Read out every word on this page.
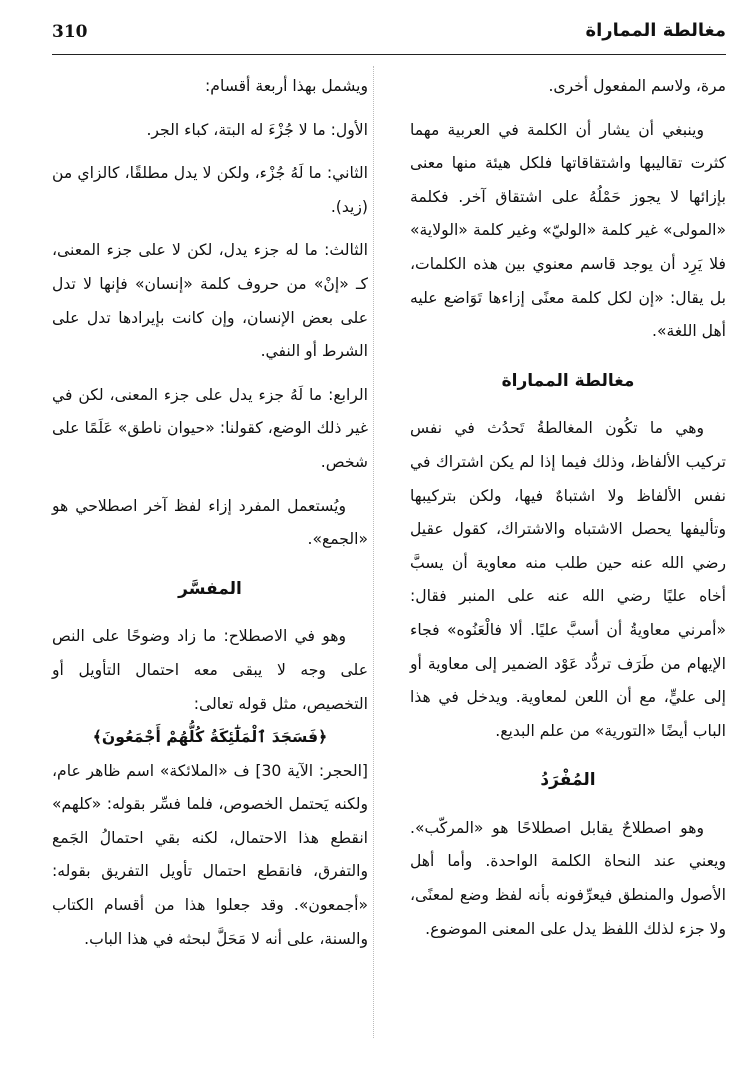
310	مغالطة المماراة

مرة، ولاسم المفعول أخرى.

وينبغي أن يشار أن الكلمة في العربية مهما كثرت تقاليبها واشتقاقاتها فلكل هيئة منها معنى بإزائها لا يجوز حَمْلُهُ على اشتقاق آخر. فكلمة «المولى» غير كلمة «الوليّ» وغير كلمة «الولاية» فلا يَرِد أن يوجد قاسم معنوي بين هذه الكلمات، بل يقال: «إن لكل كلمة معنًى إزاءها تَوَاضع عليه أهل اللغة».

مغالطة المماراة

وهي ما تكُون المغالطةُ تَحدُث في نفس تركيب الألفاظ، وذلك فيما إذا لم يكن اشتراك في نفس الألفاظ ولا اشتباهٌ فيها، ولكن بتركيبها وتأليفها يحصل الاشتباه والاشتراك، كقول عقيل رضي الله عنه حين طلب منه معاوية أن يسبَّ أخاه عليًا رضي الله عنه على المنبر فقال: «أمرني معاويةُ أن أسبَّ عليًا. ألا فالْعَنُوه» فجاء الإيهام من طَرَف تردُّد عَوْد الضمير إلى معاوية أو إلى عليٍّ، مع أن اللعن لمعاوية. ويدخل في هذا الباب أيضًا «التورية» من علم البديع.

المُفْرَدُ

وهو اصطلاحٌ يقابل اصطلاحًا هو «المركّب». ويعني عند النحاة الكلمة الواحدة. وأما أهل الأصول والمنطق فيعرِّفونه بأنه لفظ وضع لمعنًى، ولا جزء لذلك اللفظ يدل على المعنى الموضوع.

ويشمل بهذا أربعة أقسام:

الأول: ما لا جُزْءَ له البتة، كباء الجر.

الثاني: ما لَهُ جُزْء، ولكن لا يدل مطلقًا، كالزاي من (زيد).

الثالث: ما له جزء يدل، لكن لا على جزء المعنى، كـ «إنْ» من حروف كلمة «إنسان» فإنها لا تدل على بعض الإنسان، وإن كانت بإيرادها تدل على الشرط أو النفي.

الرابع: ما لَهُ جزء يدل على جزء المعنى، لكن في غير ذلك الوضع، كقولنا: «حيوان ناطق» عَلَمًا على شخص.

ويُستعمل المفرد إزاء لفظ آخر اصطلاحي هو «الجمع».

المفسَّر

وهو في الاصطلاح: ما زاد وضوحًا على النص على وجه لا يبقى معه احتمال التأويل أو التخصيص، مثل قوله تعالى:

﴿فَسَجَدَ ٱلْمَلَٰٓئِكَةُ كُلُّهُمْ أَجْمَعُونَ﴾

[الحجر: الآية 30] ف «الملائكة» اسم ظاهر عام، ولكنه يَحتمل الخصوص، فلما فسِّر بقوله: «كلهم» انقطع هذا الاحتمال، لكنه بقي احتمالُ الجَمع والتفرق، فانقطع احتمال تأويل التفريق بقوله: «أجمعون». وقد جعلوا هذا من أقسام الكتاب والسنة، على أنه لا مَحَلَّ لبحثه في هذا الباب.
